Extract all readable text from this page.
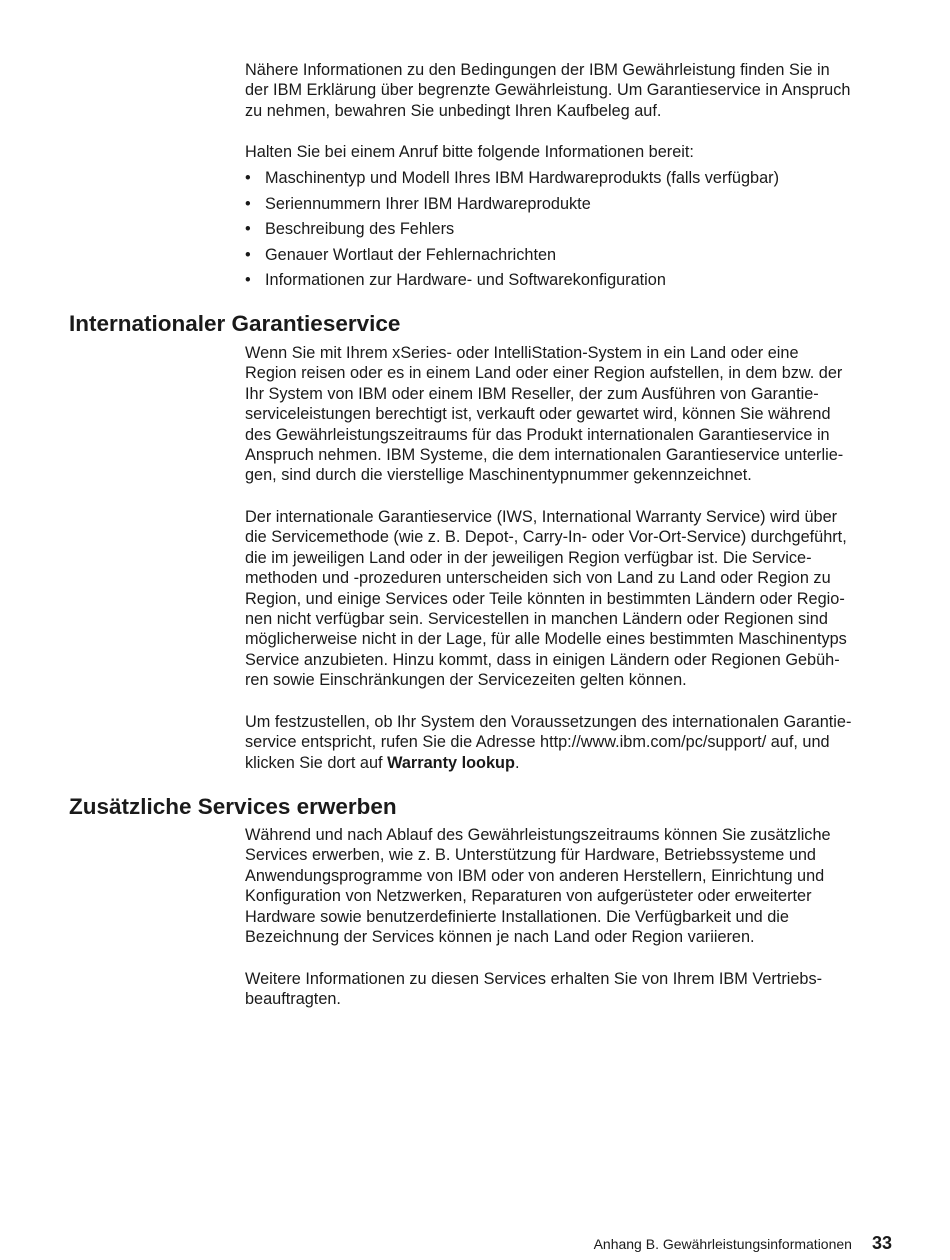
Nähere Informationen zu den Bedingungen der IBM Gewährleistung finden Sie in
der IBM Erklärung über begrenzte Gewährleistung. Um Garantieservice in Anspruch
zu nehmen, bewahren Sie unbedingt Ihren Kaufbeleg auf.

Halten Sie bei einem Anruf bitte folgende Informationen bereit:

• Maschinentyp und Modell Ihres IBM Hardwareprodukts (falls verfügbar)
• Seriennummern Ihrer IBM Hardwareprodukte
• Beschreibung des Fehlers
• Genauer Wortlaut der Fehlernachrichten
• Informationen zur Hardware- und Softwarekonfiguration
Internationaler Garantieservice

Wenn Sie mit Ihrem xSeries- oder IntelliStation-System in ein Land oder eine
Region reisen oder es in einem Land oder einer Region aufstellen, in dem bzw. der
Ihr System von IBM oder einem IBM Reseller, der zum Ausführen von Garantie-
serviceleistungen berechtigt ist, verkauft oder gewartet wird, können Sie während
des Gewährleistungszeitraums für das Produkt internationalen Garantieservice in
Anspruch nehmen. IBM Systeme, die dem internationalen Garantieservice unterlie-
gen, sind durch die vierstellige Maschinentypnummer gekennzeichnet.

Der internationale Garantieservice (IWS, International Warranty Service) wird über
die Servicemethode (wie z. B. Depot-, Carry-In- oder Vor-Ort-Service) durchgeführt,
die im jeweiligen Land oder in der jeweiligen Region verfügbar ist. Die Service-
methoden und -prozeduren unterscheiden sich von Land zu Land oder Region zu
Region, und einige Services oder Teile könnten in bestimmten Ländern oder Regio-
nen nicht verfügbar sein. Servicestellen in manchen Ländern oder Regionen sind
möglicherweise nicht in der Lage, für alle Modelle eines bestimmten Maschinentyps
Service anzubieten. Hinzu kommt, dass in einigen Ländern oder Regionen Gebüh-
ren sowie Einschränkungen der Servicezeiten gelten können.

Um festzustellen, ob Ihr System den Voraussetzungen des internationalen Garantie-
service entspricht, rufen Sie die Adresse http://www.ibm.com/pc/support/ auf, und
klicken Sie dort auf Warranty lookup.

Zusätzliche Services erwerben

Während und nach Ablauf des Gewährleistungszeitraums können Sie zusätzliche
Services erwerben, wie z. B. Unterstützung für Hardware, Betriebssysteme und
Anwendungsprogramme von IBM oder von anderen Herstellern, Einrichtung und
Konfiguration von Netzwerken, Reparaturen von aufgerüsteter oder erweiterter
Hardware sowie benutzerdefinierte Installationen. Die Verfügbarkeit und die
Bezeichnung der Services können je nach Land oder Region variieren.

Weitere Informationen zu diesen Services erhalten Sie von Ihrem IBM Vertriebs-
beauftragten.

Anhang B. Gewährleistungsinformationen 33
